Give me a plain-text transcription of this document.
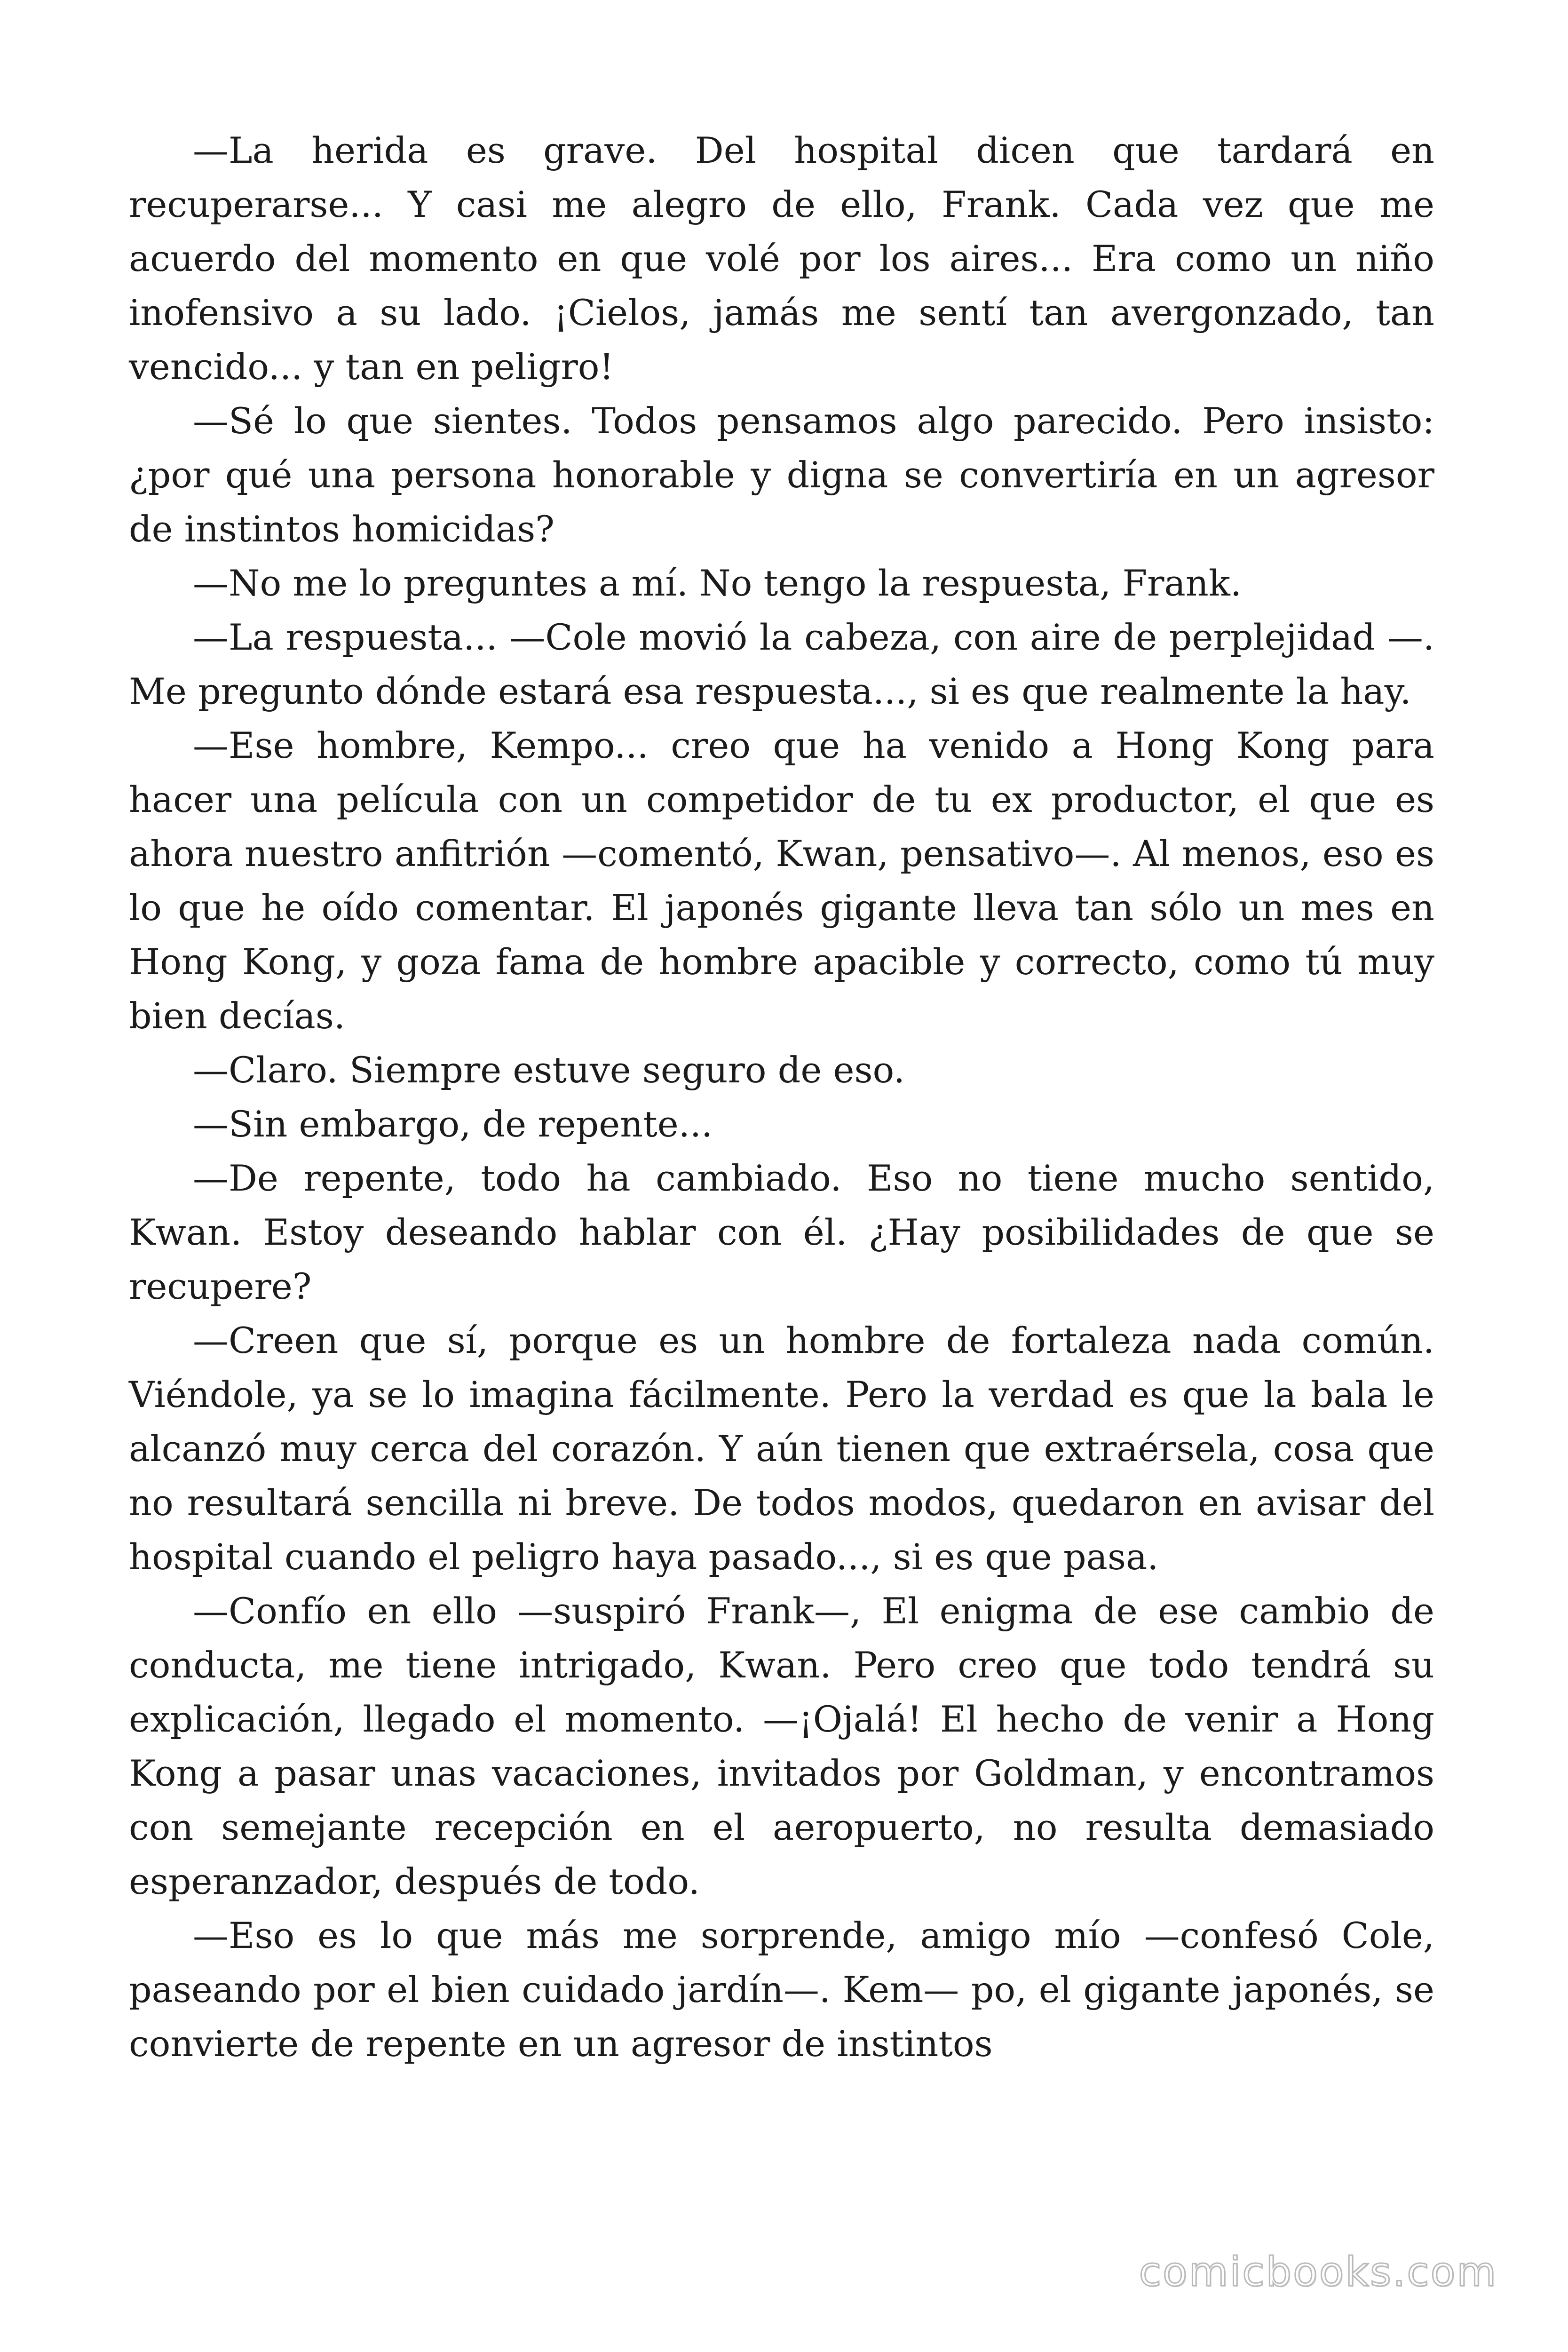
—La herida es grave. Del hospital dicen que tardará en recuperarse... Y casi me alegro de ello, Frank. Cada vez que me acuerdo del momento en que volé por los aires... Era como un niño inofensivo a su lado. ¡Cielos, jamás me sentí tan avergonzado, tan vencido... y tan en peligro!

—Sé lo que sientes. Todos pensamos algo parecido. Pero insisto: ¿por qué una persona honorable y digna se convertiría en un agresor de instintos homicidas?

—No me lo preguntes a mí. No tengo la respuesta, Frank.

—La respuesta... —Cole movió la cabeza, con aire de perplejidad —. Me pregunto dónde estará esa respuesta..., si es que realmente la hay.

—Ese hombre, Kempo... creo que ha venido a Hong Kong para hacer una película con un competidor de tu ex productor, el que es ahora nuestro anfitrión —comentó, Kwan, pensativo—. Al menos, eso es lo que he oído comentar. El japonés gigante lleva tan sólo un mes en Hong Kong, y goza fama de hombre apacible y correcto, como tú muy bien decías.

—Claro. Siempre estuve seguro de eso.

—Sin embargo, de repente...

—De repente, todo ha cambiado. Eso no tiene mucho sentido, Kwan. Estoy deseando hablar con él. ¿Hay posibilidades de que se recupere?

—Creen que sí, porque es un hombre de fortaleza nada común. Viéndole, ya se lo imagina fácilmente. Pero la verdad es que la bala le alcanzó muy cerca del corazón. Y aún tienen que extraérsela, cosa que no resultará sencilla ni breve. De todos modos, quedaron en avisar del hospital cuando el peligro haya pasado..., si es que pasa.

—Confío en ello —suspiró Frank—, El enigma de ese cambio de conducta, me tiene intrigado, Kwan. Pero creo que todo tendrá su explicación, llegado el momento. —¡Ojalá! El hecho de venir a Hong Kong a pasar unas vacaciones, invitados por Goldman, y encontramos con semejante recepción en el aeropuerto, no resulta demasiado esperanzador, después de todo.

—Eso es lo que más me sorprende, amigo mío —confesó Cole, paseando por el bien cuidado jardín—. Kem— po, el gigante japonés, se convierte de repente en un agresor de instintos

comicbooks.com
